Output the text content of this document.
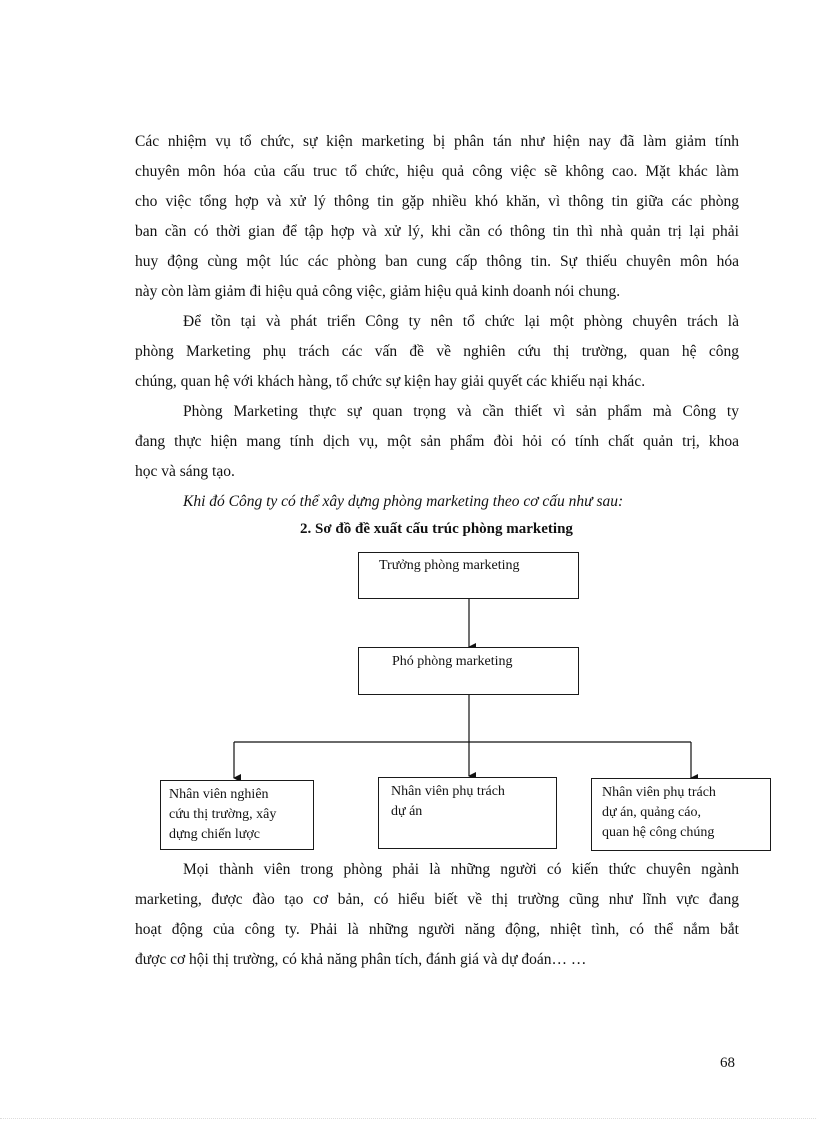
Các nhiệm vụ tổ chức, sự kiện marketing bị phân tán như hiện nay đã làm giảm tính
chuyên môn hóa của cấu truc tổ chức, hiệu quả công việc sẽ không cao. Mặt khác làm
cho việc tổng hợp và xử lý thông tin gặp nhiều khó khăn, vì thông tin giữa các phòng
ban cần có thời gian để tập hợp và xử lý, khi cần có thông tin thì nhà quản trị lại phải
huy động cùng một lúc các phòng ban cung cấp thông tin. Sự thiếu chuyên môn hóa
này còn làm giảm đi hiệu quả công việc, giảm hiệu quả kinh doanh nói chung.
Để tồn tại và phát triển Công ty nên tổ chức lại một phòng chuyên trách là
phòng Marketing phụ trách các vấn đề về nghiên cứu thị trường, quan hệ công
chúng, quan hệ với khách hàng, tổ chức sự kiện hay giải quyết các khiếu nại khác.
Phòng Marketing thực sự quan trọng và cần thiết vì sản phẩm mà Công ty
đang thực hiện mang tính dịch vụ, một sản phẩm đòi hỏi có tính chất quản trị, khoa
học và sáng tạo.
Khi đó Công ty có thể xây dựng phòng marketing theo cơ cấu như sau:
2. Sơ đồ đề xuất cấu trúc phòng marketing
Trưởng phòng marketing
Phó phòng marketing
Nhân viên nghiên
cứu thị trường, xây
dựng chiến lược
Nhân viên phụ trách
dự án
Nhân viên phụ trách
dự án, quảng cáo,
quan hệ công chúng
Mọi thành viên trong phòng phải là những người có kiến thức chuyên ngành
marketing, được đào tạo cơ bản, có hiểu biết về thị trường cũng như lĩnh vực đang
hoạt động của công ty. Phải là những người năng động, nhiệt tình, có thể nắm bắt
được cơ hội thị trường, có khả năng phân tích, đánh giá và dự đoán… …
68
